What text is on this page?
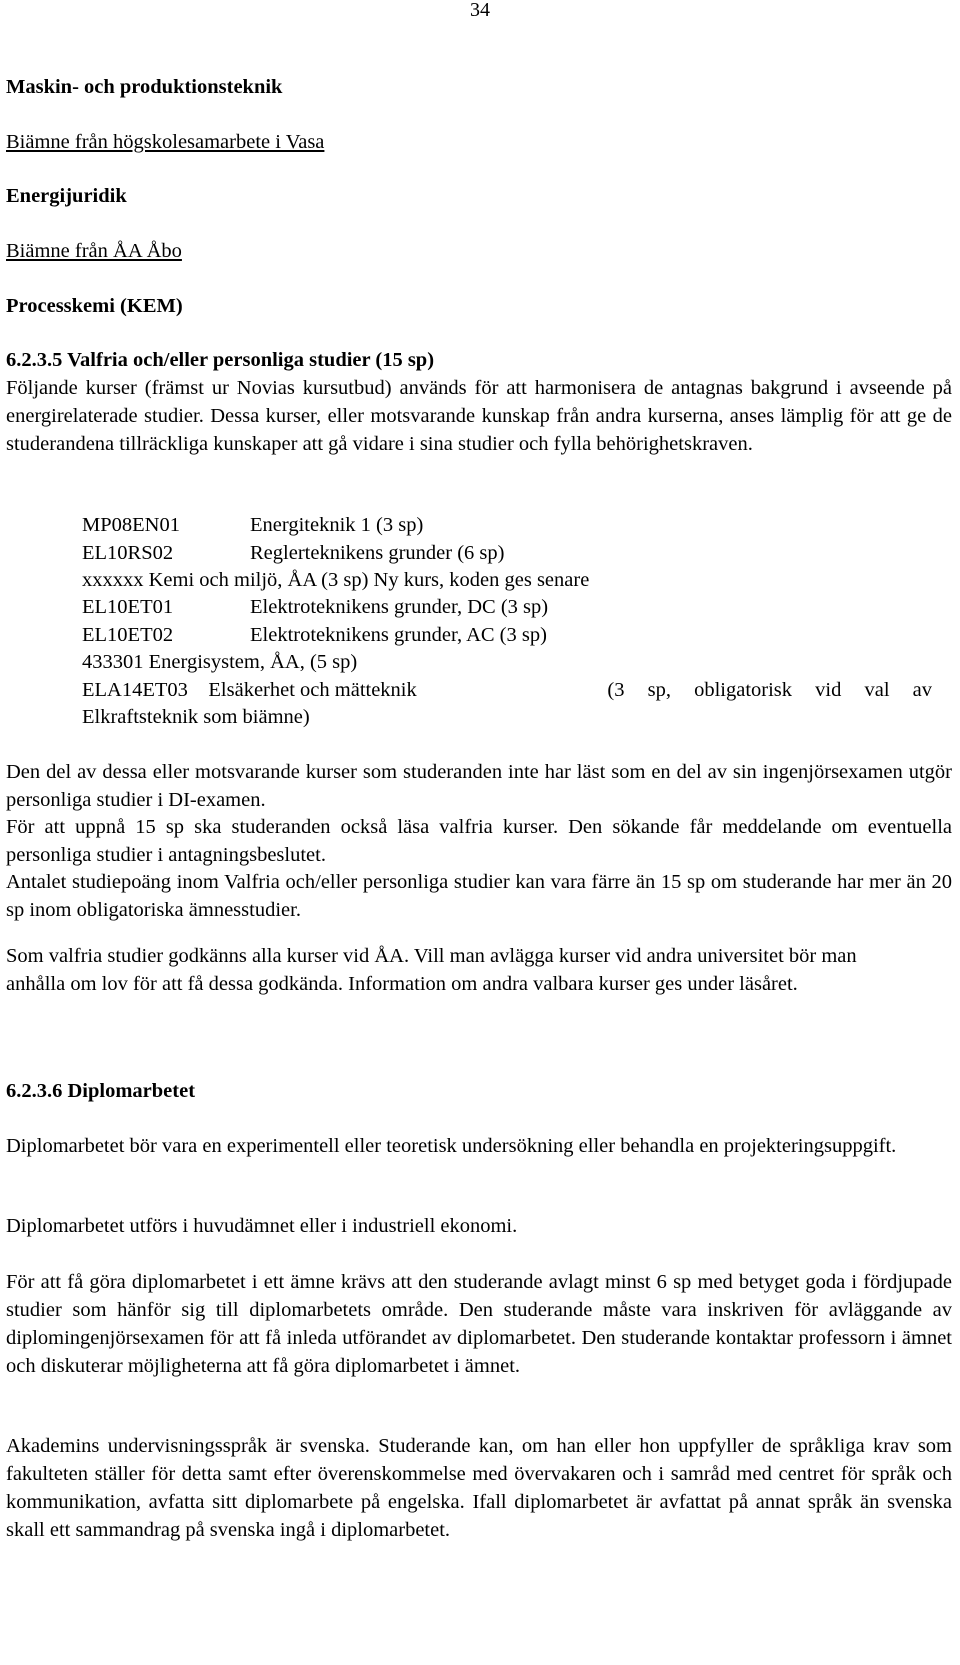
34

Maskin- och produktionsteknik

Biämne från högskolesamarbete i Vasa

Energijuridik

Biämne från ÅA Åbo

Processkemi (KEM)

6.2.3.5 Valfria och/eller personliga studier (15 sp)

Följande kurser (främst ur Novias kursutbud) används för att harmonisera de antagnas bakgrund i avseende på energirelaterade studier. Dessa kurser, eller motsvarande kunskap från andra kurserna, anses lämplig för att ge de studerandena tillräckliga kunskaper att gå vidare i sina studier och fylla behörighetskraven.

MP08EN01	Energiteknik 1 (3 sp)

EL10RS02	Reglerteknikens grunder (6 sp)

xxxxxx Kemi och miljö, ÅA (3 sp) Ny kurs, koden ges senare

EL10ET01	Elektroteknikens grunder, DC (3 sp)

EL10ET02	Elektroteknikens grunder, AC (3 sp)

433301 Energisystem, ÅA, (5 sp)

ELA14ET03 Elsäkerhet och mätteknik	(3 sp, obligatorisk vid val av

Elkraftsteknik som biämne)

Den del av dessa eller motsvarande kurser som studeranden inte har läst som en del av sin ingenjörsexamen utgör personliga studier i DI-examen.

För att uppnå 15 sp ska studeranden också läsa valfria kurser. Den sökande får meddelande om eventuella personliga studier i antagningsbeslutet.

Antalet studiepoäng inom Valfria och/eller personliga studier kan vara färre än 15 sp om studerande har mer än 20 sp inom obligatoriska ämnesstudier.

Som valfria studier godkänns alla kurser vid ÅA. Vill man avlägga kurser vid andra universitet bör man anhålla om lov för att få dessa godkända. Information om andra valbara kurser ges under läsåret.

6.2.3.6 Diplomarbetet

Diplomarbetet bör vara en experimentell eller teoretisk undersökning eller behandla en projekteringsuppgift.

Diplomarbetet utförs i huvudämnet eller i industriell ekonomi.

För att få göra diplomarbetet i ett ämne krävs att den studerande avlagt minst 6 sp med betyget goda i fördjupade studier som hänför sig till diplomarbetets område. Den studerande måste vara inskriven för avläggande av diplomingenjörsexamen för att få inleda utförandet av diplomarbetet. Den studerande kontaktar professorn i ämnet och diskuterar möjligheterna att få göra diplomarbetet i ämnet.

Akademins undervisningsspråk är svenska. Studerande kan, om han eller hon uppfyller de språkliga krav som fakulteten ställer för detta samt efter överenskommelse med övervakaren och i samråd med centret för språk och kommunikation, avfatta sitt diplomarbete på engelska. Ifall diplomarbetet är avfattat på annat språk än svenska skall ett sammandrag på svenska ingå i diplomarbetet.
